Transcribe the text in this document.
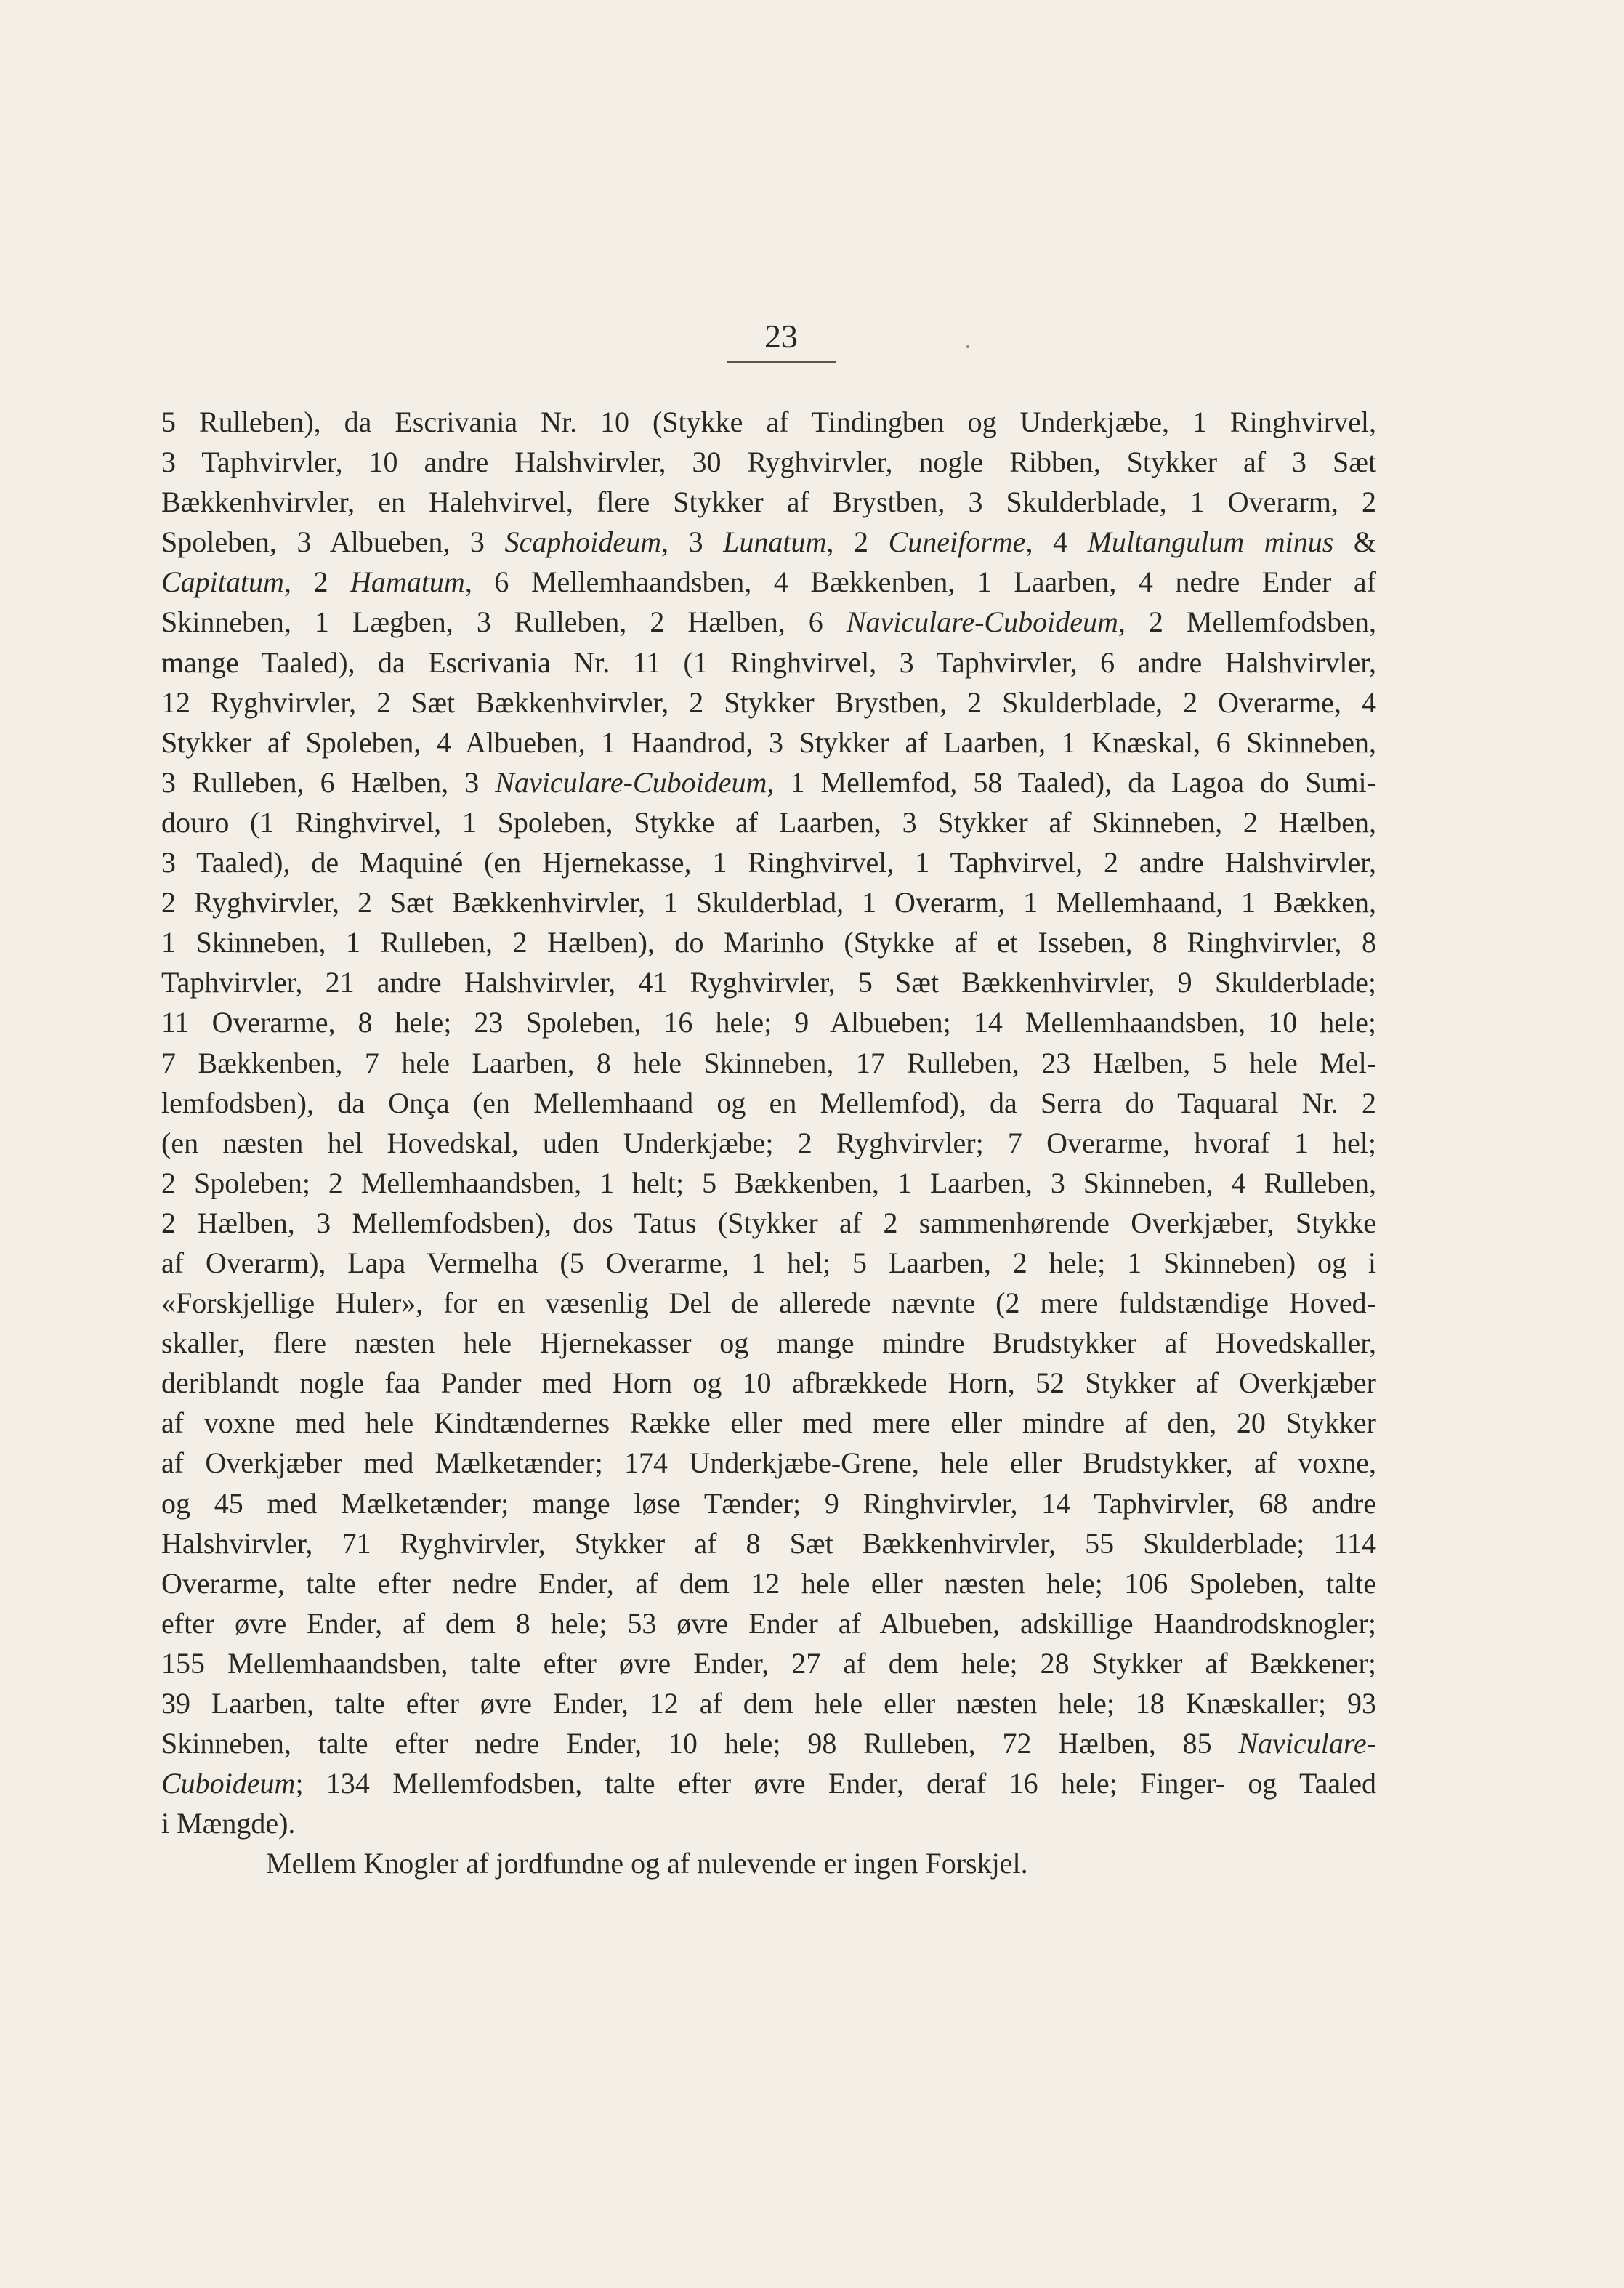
23
5 Rulleben), da Escrivania Nr. 10 (Stykke af Tindingben og Underkjæbe, 1 Ringhvirvel,
3 Taphvirvler, 10 andre Halshvirvler, 30 Ryghvirvler, nogle Ribben, Stykker af 3 Sæt
Bækkenhvirvler, en Halehvirvel, flere Stykker af Brystben, 3 Skulderblade, 1 Overarm, 2
Spoleben, 3 Albueben, 3 Scaphoideum, 3 Lunatum, 2 Cuneiforme, 4 Multangulum minus &
Capitatum, 2 Hamatum, 6 Mellemhaandsben, 4 Bækkenben, 1 Laarben, 4 nedre Ender af
Skinneben, 1 Lægben, 3 Rulleben, 2 Hælben, 6 Naviculare-Cuboideum, 2 Mellemfodsben,
mange Taaled), da Escrivania Nr. 11 (1 Ringhvirvel, 3 Taphvirvler, 6 andre Halshvirvler,
12 Ryghvirvler, 2 Sæt Bækkenhvirvler, 2 Stykker Brystben, 2 Skulderblade, 2 Overarme, 4
Stykker af Spoleben, 4 Albueben, 1 Haandrod, 3 Stykker af Laarben, 1 Knæskal, 6 Skinneben,
3 Rulleben, 6 Hælben, 3 Naviculare-Cuboideum, 1 Mellemfod, 58 Taaled), da Lagoa do Sumi-
douro (1 Ringhvirvel, 1 Spoleben, Stykke af Laarben, 3 Stykker af Skinneben, 2 Hælben,
3 Taaled), de Maquiné (en Hjernekasse, 1 Ringhvirvel, 1 Taphvirvel, 2 andre Halshvirvler,
2 Ryghvirvler, 2 Sæt Bækkenhvirvler, 1 Skulderblad, 1 Overarm, 1 Mellemhaand, 1 Bækken,
1 Skinneben, 1 Rulleben, 2 Hælben), do Marinho (Stykke af et Isseben, 8 Ringhvirvler, 8
Taphvirvler, 21 andre Halshvirvler, 41 Ryghvirvler, 5 Sæt Bækkenhvirvler, 9 Skulderblade;
11 Overarme, 8 hele; 23 Spoleben, 16 hele; 9 Albueben; 14 Mellemhaandsben, 10 hele;
7 Bækkenben, 7 hele Laarben, 8 hele Skinneben, 17 Rulleben, 23 Hælben, 5 hele Mel-
lemfodsben), da Onça (en Mellemhaand og en Mellemfod), da Serra do Taquaral Nr. 2
(en næsten hel Hovedskal, uden Underkjæbe; 2 Ryghvirvler; 7 Overarme, hvoraf 1 hel;
2 Spoleben; 2 Mellemhaandsben, 1 helt; 5 Bækkenben, 1 Laarben, 3 Skinneben, 4 Rulleben,
2 Hælben, 3 Mellemfodsben), dos Tatus (Stykker af 2 sammenhørende Overkjæber, Stykke
af Overarm), Lapa Vermelha (5 Overarme, 1 hel; 5 Laarben, 2 hele; 1 Skinneben) og i
«Forskjellige Huler», for en væsenlig Del de allerede nævnte (2 mere fuldstændige Hoved-
skaller, flere næsten hele Hjernekasser og mange mindre Brudstykker af Hovedskaller,
deriblandt nogle faa Pander med Horn og 10 afbrækkede Horn, 52 Stykker af Overkjæber
af voxne med hele Kindtændernes Række eller med mere eller mindre af den, 20 Stykker
af Overkjæber med Mælketænder; 174 Underkjæbe-Grene, hele eller Brudstykker, af voxne,
og 45 med Mælketænder; mange løse Tænder; 9 Ringhvirvler, 14 Taphvirvler, 68 andre
Halshvirvler, 71 Ryghvirvler, Stykker af 8 Sæt Bækkenhvirvler, 55 Skulderblade; 114
Overarme, talte efter nedre Ender, af dem 12 hele eller næsten hele; 106 Spoleben, talte
efter øvre Ender, af dem 8 hele; 53 øvre Ender af Albueben, adskillige Haandrodsknogler;
155 Mellemhaandsben, talte efter øvre Ender, 27 af dem hele; 28 Stykker af Bækkener;
39 Laarben, talte efter øvre Ender, 12 af dem hele eller næsten hele; 18 Knæskaller; 93
Skinneben, talte efter nedre Ender, 10 hele; 98 Rulleben, 72 Hælben, 85 Naviculare-
Cuboideum; 134 Mellemfodsben, talte efter øvre Ender, deraf 16 hele; Finger- og Taaled
i Mængde).
Mellem Knogler af jordfundne og af nulevende er ingen Forskjel.
